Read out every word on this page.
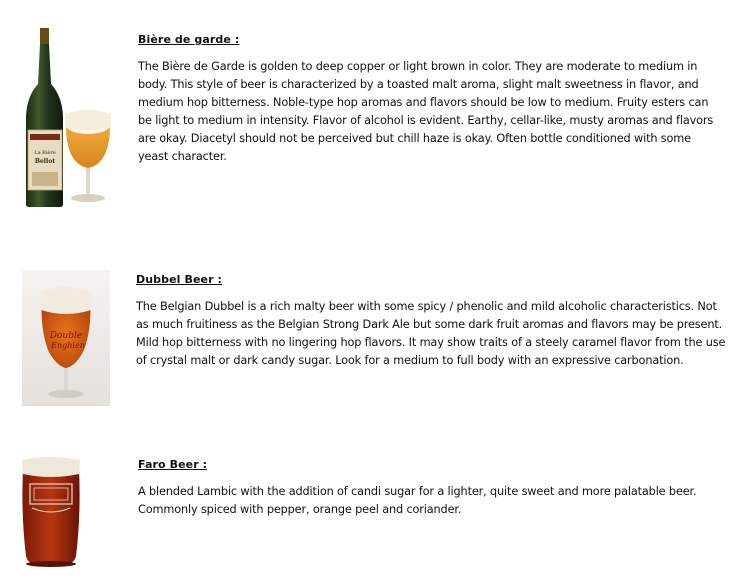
La Bière
Bellot
Bière de garde :

The Bière de Garde is golden to deep copper or light brown in color. They are moderate to medium in body. This style of beer is characterized by a toasted malt aroma, slight malt sweetness in flavor, and medium hop bitterness. Noble-type hop aromas and flavors should be low to medium. Fruity esters can be light to medium in intensity. Flavor of alcohol is evident. Earthy, cellar-like, musty aromas and flavors are okay. Diacetyl should not be perceived but chill haze is okay. Often bottle conditioned with some yeast character.

Double
Enghien
Dubbel Beer :

The Belgian Dubbel is a rich malty beer with some spicy / phenolic and mild alcoholic characteristics. Not as much fruitiness as the Belgian Strong Dark Ale but some dark fruit aromas and flavors may be present. Mild hop bitterness with no lingering hop flavors. It may show traits of a steely caramel flavor from the use of crystal malt or dark candy sugar. Look for a medium to full body with an expressive carbonation.

Faro Beer :

A blended Lambic with the addition of candi sugar for a lighter, quite sweet and more palatable beer. Commonly spiced with pepper, orange peel and coriander.
